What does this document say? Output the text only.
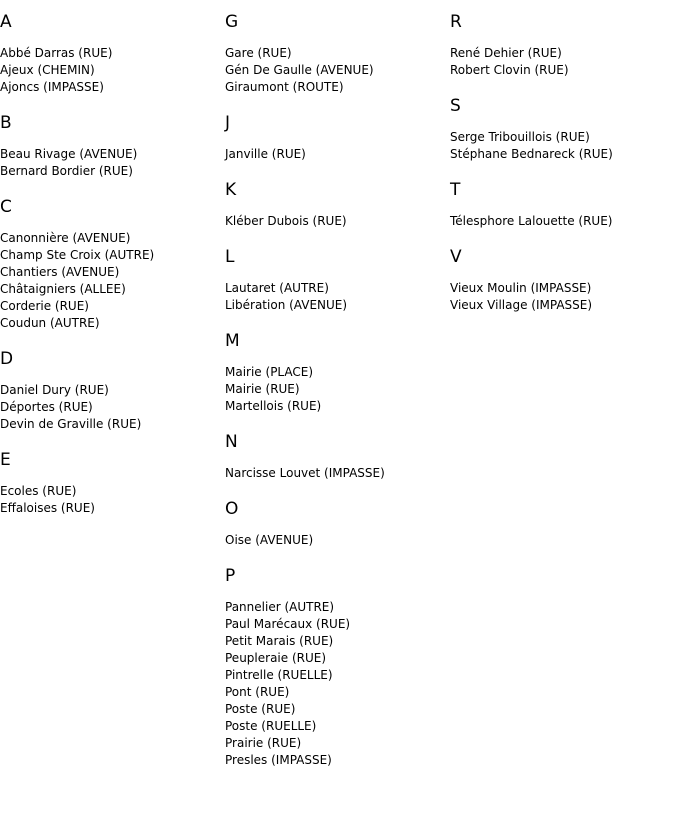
A
Abbé Darras (RUE)
Ajeux (CHEMIN)
Ajoncs (IMPASSE)
B
Beau Rivage (AVENUE)
Bernard Bordier (RUE)
C
Canonnière (AVENUE)
Champ Ste Croix (AUTRE)
Chantiers (AVENUE)
Châtaigniers (ALLEE)
Corderie (RUE)
Coudun (AUTRE)
D
Daniel Dury (RUE)
Déportes (RUE)
Devin de Graville (RUE)
E
Ecoles (RUE)
Effaloises (RUE)
G
Gare (RUE)
Gén De Gaulle (AVENUE)
Giraumont (ROUTE)
J
Janville (RUE)
K
Kléber Dubois (RUE)
L
Lautaret (AUTRE)
Libération (AVENUE)
M
Mairie (PLACE)
Mairie (RUE)
Martellois (RUE)
N
Narcisse Louvet (IMPASSE)
O
Oise (AVENUE)
P
Pannelier (AUTRE)
Paul Marécaux (RUE)
Petit Marais (RUE)
Peupleraie (RUE)
Pintrelle (RUELLE)
Pont (RUE)
Poste (RUE)
Poste (RUELLE)
Prairie (RUE)
Presles (IMPASSE)
R
René Dehier (RUE)
Robert Clovin (RUE)
S
Serge Tribouillois (RUE)
Stéphane Bednareck (RUE)
T
Télesphore Lalouette (RUE)
V
Vieux Moulin (IMPASSE)
Vieux Village (IMPASSE)
